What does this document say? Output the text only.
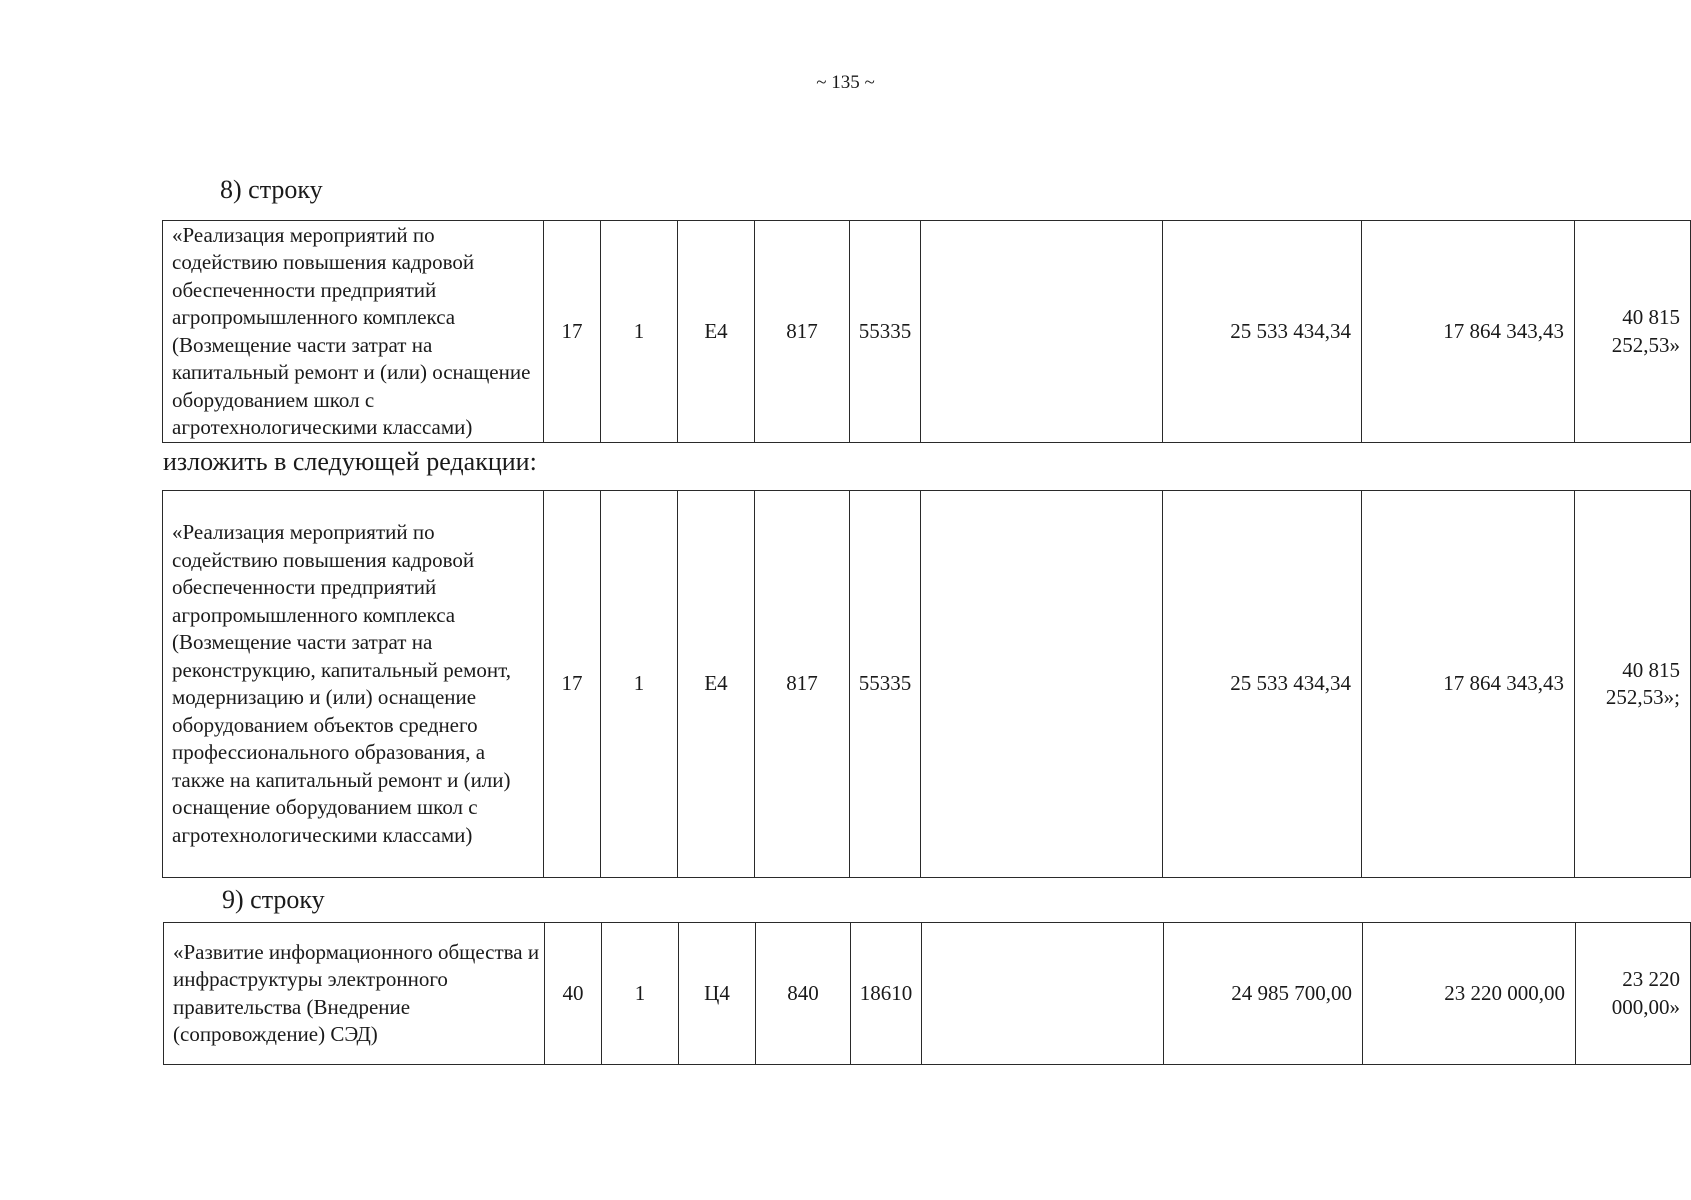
~ 135 ~
8) строку
«Реализация мероприятий по содействию повышения кадровой обеспеченности предприятий агропромышленного комплекса (Возмещение части затрат на капитальный ремонт и (или) оснащение оборудованием школ с агротехнологическими классами)	17	1	Е4	817	55335		25 533 434,34	17 864 343,43	40 815 252,53»
изложить в следующей редакции:
«Реализация мероприятий по содействию повышения кадровой обеспеченности предприятий агропромышленного комплекса (Возмещение части затрат на реконструкцию, капитальный ремонт, модернизацию и (или) оснащение оборудованием объектов среднего профессионального образования, а также на капитальный ремонт и (или) оснащение оборудованием школ с агротехнологическими классами)	17	1	Е4	817	55335		25 533 434,34	17 864 343,43	40 815 252,53»;
9) строку
«Развитие информационного общества и инфраструктуры электронного правительства (Внедрение (сопровождение) СЭД)	40	1	Ц4	840	18610		24 985 700,00	23 220 000,00	23 220 000,00»
